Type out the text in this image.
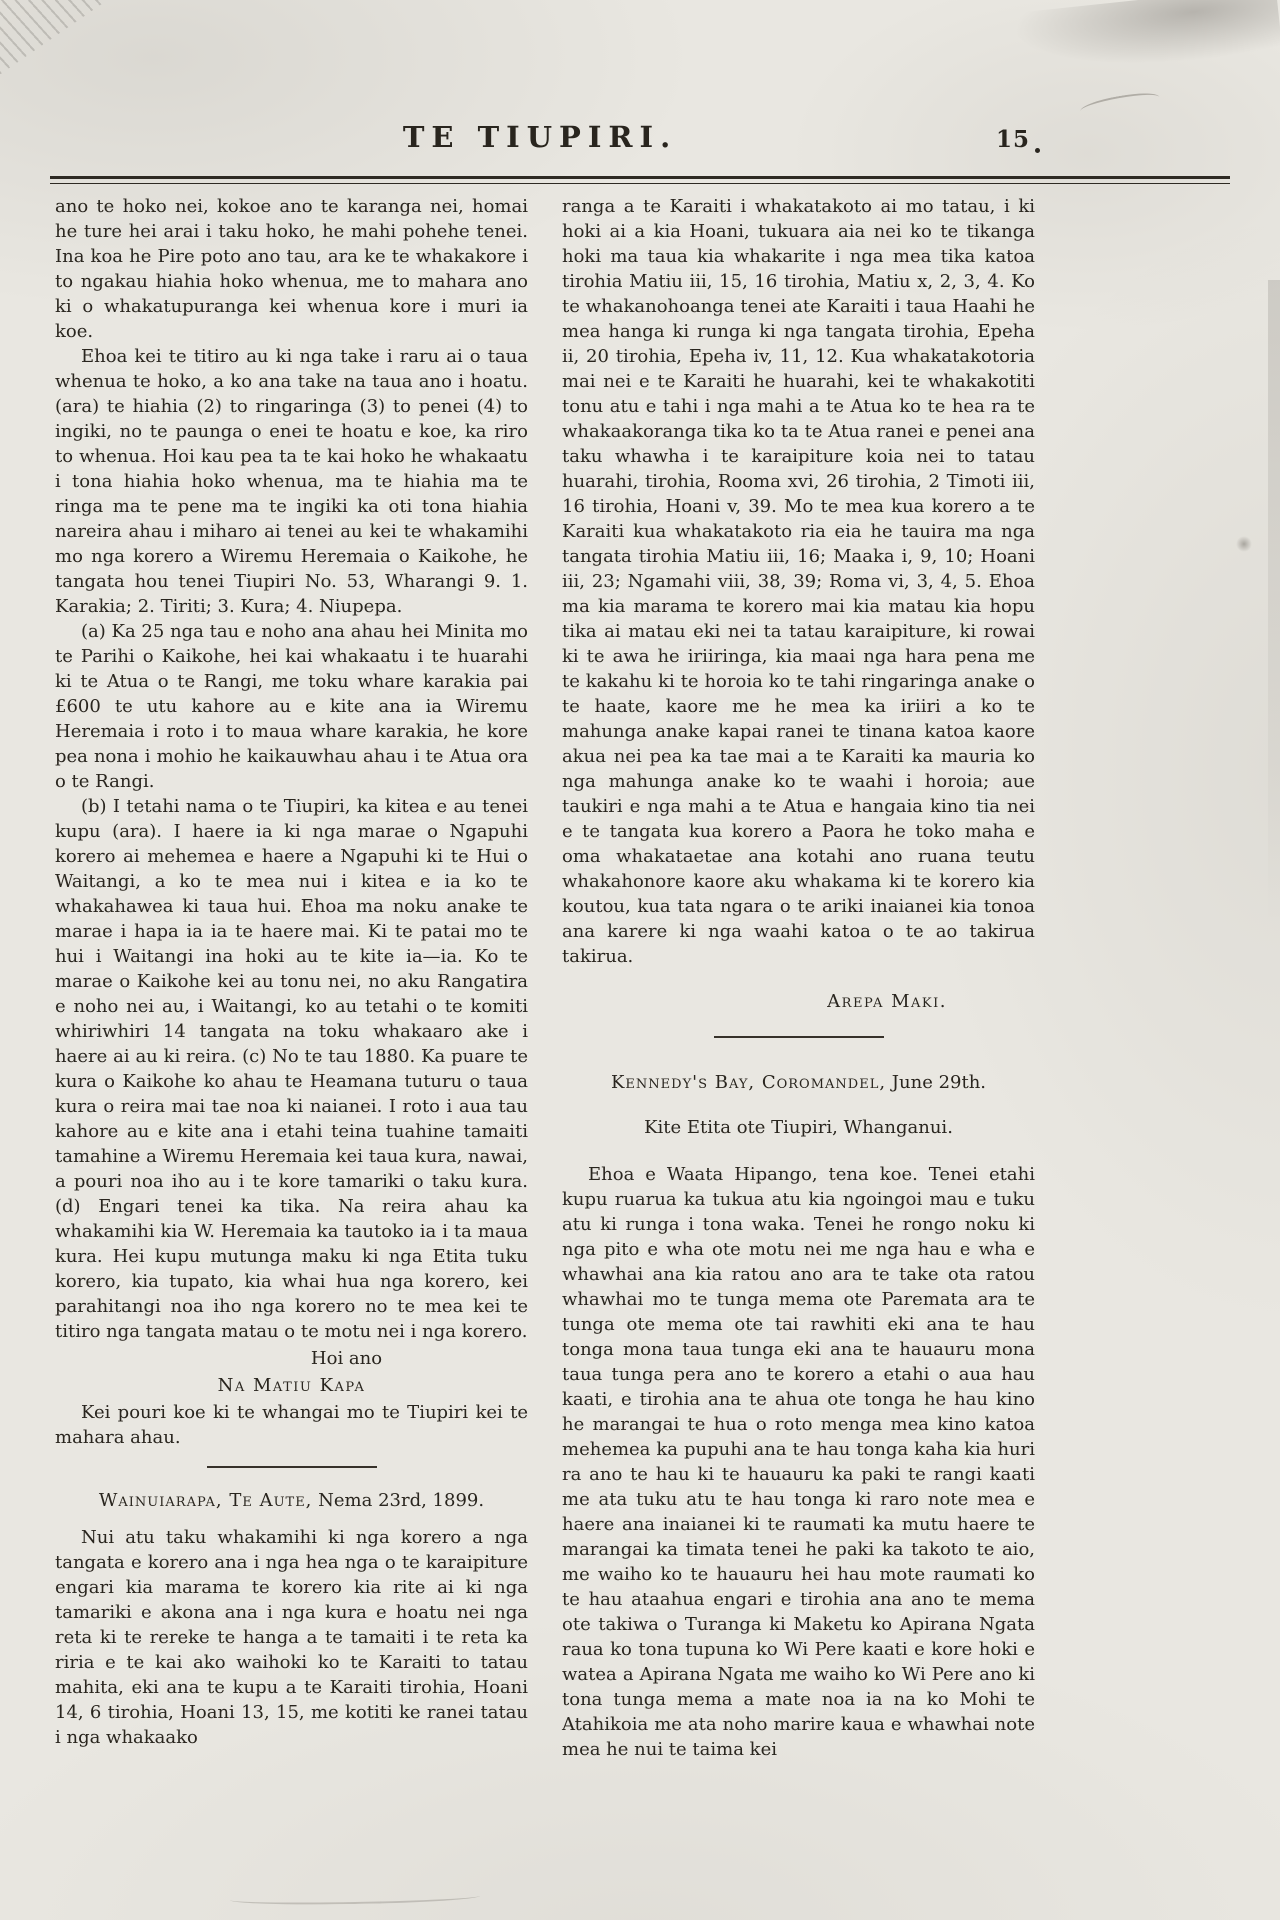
TE TIUPIRI.	15

ano te hoko nei, kokoe ano te karanga nei, homai he ture hei arai i taku hoko, he mahi pohehe tenei. Ina koa he Pire poto ano tau, ara ke te whakakore i to ngakau hiahia hoko whenua, me to mahara ano ki o whakatupuranga kei whenua kore i muri ia koe.

Ehoa kei te titiro au ki nga take i raru ai o taua whenua te hoko, a ko ana take na taua ano i hoatu. (ara) te hiahia (2) to ringaringa (3) to penei (4) to ingiki, no te paunga o enei te hoatu e koe, ka riro to whenua. Hoi kau pea ta te kai hoko he whakaatu i tona hiahia hoko whenua, ma te hiahia ma te ringa ma te pene ma te ingiki ka oti tona hiahia nareira ahau i miharo ai tenei au kei te whakamihi mo nga korero a Wiremu Heremaia o Kaikohe, he tangata hou tenei Tiupiri No. 53, Wharangi 9. 1. Karakia; 2. Tiriti; 3. Kura; 4. Niupepa.

(a) Ka 25 nga tau e noho ana ahau hei Minita mo te Parihi o Kaikohe, hei kai whakaatu i te huarahi ki te Atua o te Rangi, me toku whare karakia pai £600 te utu kahore au e kite ana ia Wiremu Heremaia i roto i to maua whare karakia, he kore pea nona i mohio he kaikauwhau ahau i te Atua ora o te Rangi.

(b) I tetahi nama o te Tiupiri, ka kitea e au tenei kupu (ara). I haere ia ki nga marae o Ngapuhi korero ai mehemea e haere a Ngapuhi ki te Hui o Waitangi, a ko te mea nui i kitea e ia ko te whakahawea ki taua hui. Ehoa ma noku anake te marae i hapa ia ia te haere mai. Ki te patai mo te hui i Waitangi ina hoki au te kite ia—ia. Ko te marae o Kaikohe kei au tonu nei, no aku Rangatira e noho nei au, i Waitangi, ko au tetahi o te komiti whiriwhiri 14 tangata na toku whakaaro ake i haere ai au ki reira. (c) No te tau 1880. Ka puare te kura o Kaikohe ko ahau te Heamana tuturu o taua kura o reira mai tae noa ki naianei. I roto i aua tau kahore au e kite ana i etahi teina tuahine tamaiti tamahine a Wiremu Heremaia kei taua kura, nawai, a pouri noa iho au i te kore tamariki o taku kura. (d) Engari tenei ka tika. Na reira ahau ka whakamihi kia W. Heremaia ka tautoko ia i ta maua kura. Hei kupu mutunga maku ki nga Etita tuku korero, kia tupato, kia whai hua nga korero, kei parahitangi noa iho nga korero no te mea kei te titiro nga tangata matau o te motu nei i nga korero.

Hoi ano
Na Matiu Kapa

Kei pouri koe ki te whangai mo te Tiupiri kei te mahara ahau.

Wainuiarapa, Te Aute, Nema 23rd, 1899.

Nui atu taku whakamihi ki nga korero a nga tangata e korero ana i nga hea nga o te karaipiture engari kia marama te korero kia rite ai ki nga tamariki e akona ana i nga kura e hoatu nei nga reta ki te rereke te hanga a te tamaiti i te reta ka riria e te kai ako waihoki ko te Karaiti to tatau mahita, eki ana te kupu a te Karaiti tirohia, Hoani 14, 6 tirohia, Hoani 13, 15, me kotiti ke ranei tatau i nga whakaako

ranga a te Karaiti i whakatakoto ai mo tatau, i ki hoki ai a kia Hoani, tukuara aia nei ko te tikanga hoki ma taua kia whakarite i nga mea tika katoa tirohia Matiu iii, 15, 16 tirohia, Matiu x, 2, 3, 4. Ko te whakanohoanga tenei ate Karaiti i taua Haahi he mea hanga ki runga ki nga tangata tirohia, Epeha ii, 20 tirohia, Epeha iv, 11, 12. Kua whakatakotoria mai nei e te Karaiti he huarahi, kei te whakakotiti tonu atu e tahi i nga mahi a te Atua ko te hea ra te whakaakoranga tika ko ta te Atua ranei e penei ana taku whawha i te karaipiture koia nei to tatau huarahi, tirohia, Rooma xvi, 26 tirohia, 2 Timoti iii, 16 tirohia, Hoani v, 39. Mo te mea kua korero a te Karaiti kua whakatakoto ria eia he tauira ma nga tangata tirohia Matiu iii, 16; Maaka i, 9, 10; Hoani iii, 23; Ngamahi viii, 38, 39; Roma vi, 3, 4, 5. Ehoa ma kia marama te korero mai kia matau kia hopu tika ai matau eki nei ta tatau karaipiture, ki rowai ki te awa he iriiringa, kia maai nga hara pena me te kakahu ki te horoia ko te tahi ringaringa anake o te haate, kaore me he mea ka iriiri a ko te mahunga anake kapai ranei te tinana katoa kaore akua nei pea ka tae mai a te Karaiti ka mauria ko nga mahunga anake ko te waahi i horoia; aue taukiri e nga mahi a te Atua e hangaia kino tia nei e te tangata kua korero a Paora he toko maha e oma whakataetae ana kotahi ano ruana teutu whakahonore kaore aku whakama ki te korero kia koutou, kua tata ngara o te ariki inaianei kia tonoa ana karere ki nga waahi katoa o te ao takirua takirua.

Arepa Maki.
Kennedy's Bay, Coromandel, June 29th.
Kite Etita ote Tiupiri, Whanganui.

Ehoa e Waata Hipango, tena koe. Tenei etahi kupu ruarua ka tukua atu kia ngoingoi mau e tuku atu ki runga i tona waka. Tenei he rongo noku ki nga pito e wha ote motu nei me nga hau e wha e whawhai ana kia ratou ano ara te take ota ratou whawhai mo te tunga mema ote Paremata ara te tunga ote mema ote tai rawhiti eki ana te hau tonga mona taua tunga eki ana te hauauru mona taua tunga pera ano te korero a etahi o aua hau kaati, e tirohia ana te ahua ote tonga he hau kino he marangai te hua o roto menga mea kino katoa mehemea ka pupuhi ana te hau tonga kaha kia huri ra ano te hau ki te hauauru ka paki te rangi kaati me ata tuku atu te hau tonga ki raro note mea e haere ana inaianei ki te raumati ka mutu haere te marangai ka timata tenei he paki ka takoto te aio, me waiho ko te hauauru hei hau mote raumati ko te hau ataahua engari e tirohia ana ano te mema ote takiwa o Turanga ki Maketu ko Apirana Ngata raua ko tona tupuna ko Wi Pere kaati e kore hoki e watea a Apirana Ngata me waiho ko Wi Pere ano ki tona tunga mema a mate noa ia na ko Mohi te Atahikoia me ata noho marire kaua e whawhai note mea he nui te taima kei
